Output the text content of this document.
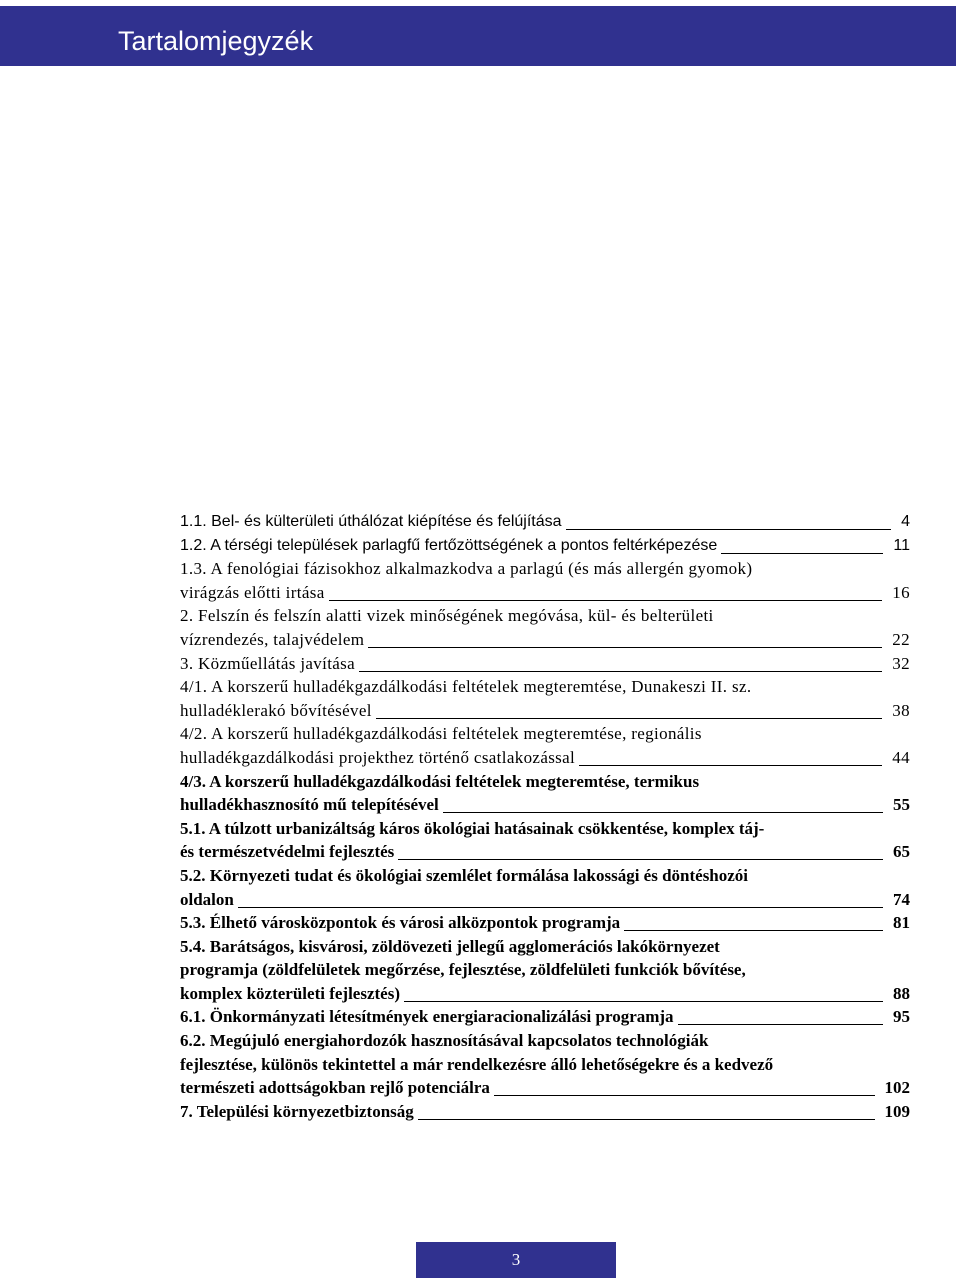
Tartalomjegyzék
1.1. Bel- és külterületi úthálózat kiépítése és felújítása	4
1.2. A térségi települések parlagfű fertőzöttségének a pontos feltérképezése	11
1.3. A fenológiai fázisokhoz alkalmazkodva a parlagú (és más allergén gyomok)
virágzás előtti irtása	16
2. Felszín és felszín alatti vizek minőségének megóvása, kül- és belterületi
vízrendezés, talajvédelem	22
3. Közműellátás javítása	32
4/1. A korszerű hulladékgazdálkodási feltételek megteremtése, Dunakeszi II. sz.
hulladéklerakó bővítésével	38
4/2. A korszerű hulladékgazdálkodási feltételek megteremtése, regionális
hulladékgazdálkodási projekthez történő csatlakozással	44
4/3. A korszerű hulladékgazdálkodási feltételek megteremtése, termikus
hulladékhasznosító mű telepítésével	55
5.1. A túlzott urbanizáltság káros ökológiai hatásainak csökkentése, komplex táj-
és természetvédelmi fejlesztés	65
5.2. Környezeti tudat és ökológiai szemlélet formálása lakossági és döntéshozói
oldalon	74
5.3. Élhető városközpontok és városi alközpontok programja	81
5.4. Barátságos, kisvárosi, zöldövezeti jellegű agglomerációs lakókörnyezet
programja (zöldfelületek megőrzése, fejlesztése, zöldfelületi funkciók bővítése,
komplex közterületi fejlesztés)	88
6.1. Önkormányzati létesítmények energiaracionalizálási programja	95
6.2. Megújuló energiahordozók hasznosításával kapcsolatos technológiák
fejlesztése, különös tekintettel a már rendelkezésre álló lehetőségekre és a kedvező
természeti adottságokban rejlő potenciálra	102
7. Települési környezetbiztonság	109
3
